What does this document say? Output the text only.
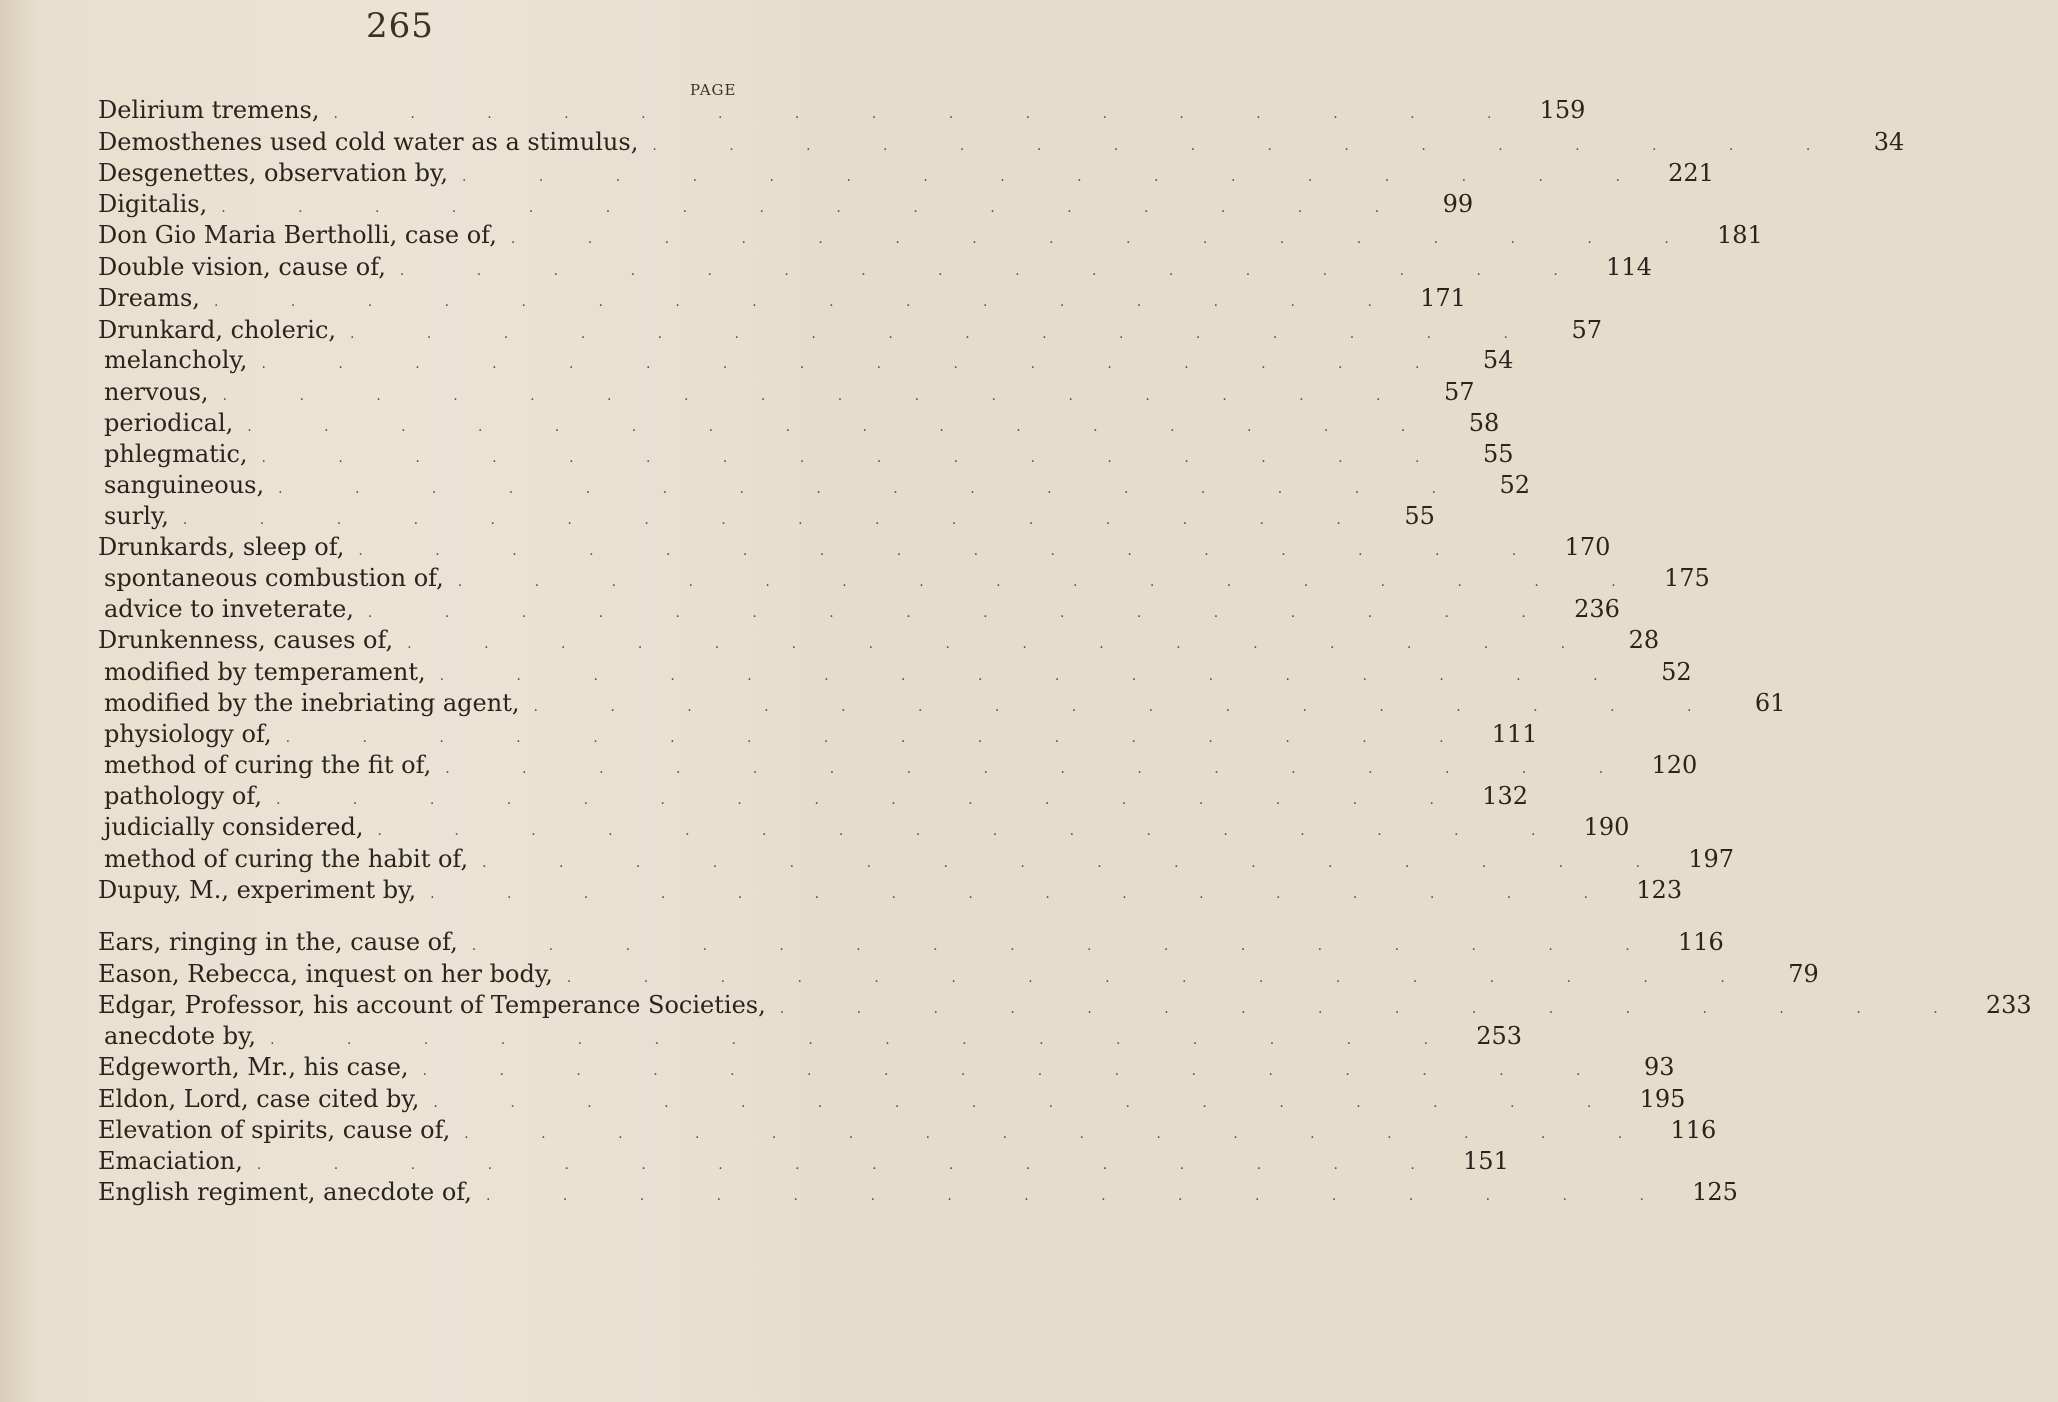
265
PAGE
Delirium tremens,	. . . . . . . . . . . . . . . . 159
Demosthenes used cold water as a stimulus,	. . . . . . . . . . . . . . . .	34
Desgenettes, observation by,	. . . . . . . . . . . . . . . . 221
Digitalis,	. . . . . . . . . . . . . . . .	99
Don Gio Maria Bertholli, case of,	. . . . . . . . . . . . . . . . 181
Double vision, cause of,	. . . . . . . . . . . . . . . . 114
Dreams,	. . . . . . . . . . . . . . . . 171
Drunkard, choleric,	. . . . . . . . . . . . . . . .	57
melancholy,	. . . . . . . . . . . . . . . .	54
nervous,	. . . . . . . . . . . . . . . .	57
periodical,	. . . . . . . . . . . . . . . .	58
phlegmatic,	. . . . . . . . . . . . . . . .	55
sanguineous,	. . . . . . . . . . . . . . . .	52
surly,	. . . . . . . . . . . . . . . .	55
Drunkards, sleep of,	. . . . . . . . . . . . . . . . 170
spontaneous combustion of,	. . . . . . . . . . . . . . . . 175
advice to inveterate,	. . . . . . . . . . . . . . . . 236
Drunkenness, causes of,	. . . . . . . . . . . . . . . .	28
modified by temperament,	. . . . . . . . . . . . . . . .	52
modified by the inebriating agent,	. . . . . . . . . . . . . . . .	61
physiology of,	. . . . . . . . . . . . . . . . 111
method of curing the fit of,	. . . . . . . . . . . . . . . . 120
pathology of,	. . . . . . . . . . . . . . . . 132
judicially considered,	. . . . . . . . . . . . . . . . 190
method of curing the habit of,	. . . . . . . . . . . . . . . . 197
Dupuy, M., experiment by,	. . . . . . . . . . . . . . . . 123
Ears, ringing in the, cause of,	. . . . . . . . . . . . . . . . 116
Eason, Rebecca, inquest on her body,	. . . . . . . . . . . . . . . .	79
Edgar, Professor, his account of Temperance Societies,	. . . . . . . . . . . . . . . . 233
anecdote by,	. . . . . . . . . . . . . . . . 253
Edgeworth, Mr., his case,	. . . . . . . . . . . . . . . .	93
Eldon, Lord, case cited by,	. . . . . . . . . . . . . . . . 195
Elevation of spirits, cause of,	. . . . . . . . . . . . . . . . 116
Emaciation,	. . . . . . . . . . . . . . . . 151
English regiment, anecdote of,	. . . . . . . . . . . . . . . . 125
